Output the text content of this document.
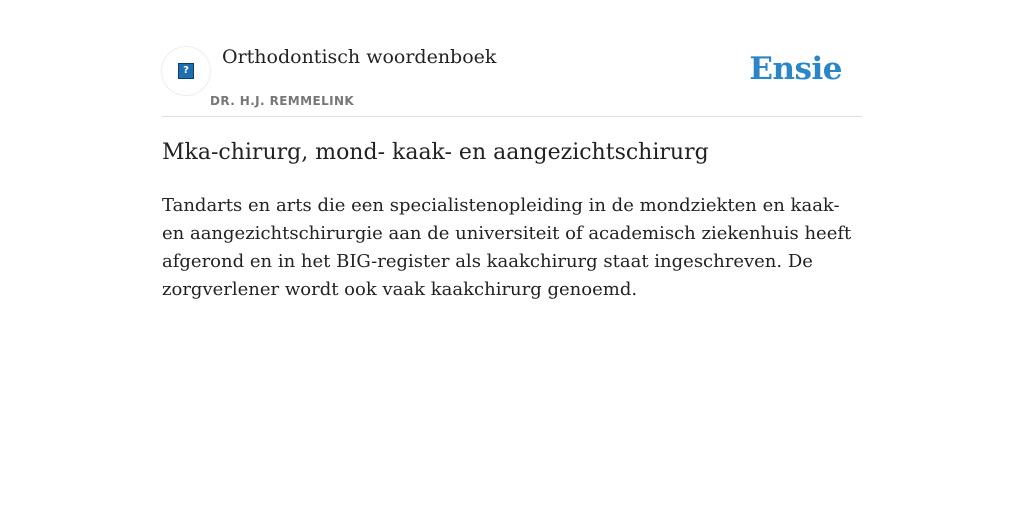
?
Orthodontisch woordenboek
DR. H.J. REMMELINK
Ensie
Mka-chirurg, mond- kaak- en aangezichtschirurg

Tandarts en arts die een specialistenopleiding in de mondziekten en kaak- en aangezichtschirurgie aan de universiteit of academisch ziekenhuis heeft afgerond en in het BIG-register als kaakchirurg staat ingeschreven. De zorgverlener wordt ook vaak kaakchirurg genoemd.
